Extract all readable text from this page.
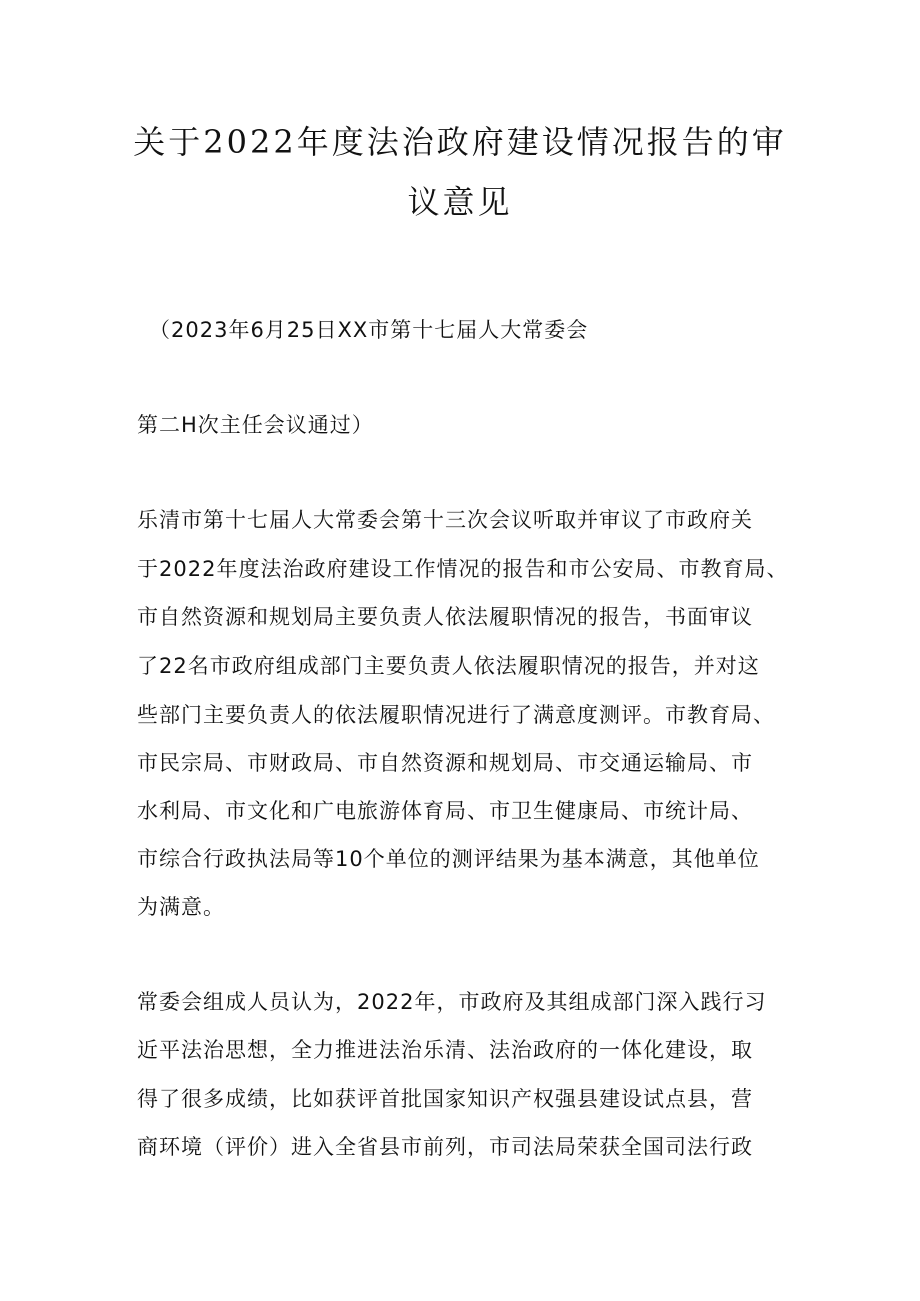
关于2022年度法治政府建设情况报告的审
议意见
（2023年6月25日XX市第十七届人大常委会
第二H次主任会议通过）
乐清市第十七届人大常委会第十三次会议听取并审议了市政府关
于2022年度法治政府建设工作情况的报告和市公安局、市教育局、
市自然资源和规划局主要负责人依法履职情况的报告，书面审议
了22名市政府组成部门主要负责人依法履职情况的报告，并对这
些部门主要负责人的依法履职情况进行了满意度测评。市教育局、
市民宗局、市财政局、市自然资源和规划局、市交通运输局、市
水利局、市文化和广电旅游体育局、市卫生健康局、市统计局、
市综合行政执法局等10个单位的测评结果为基本满意，其他单位
为满意。
常委会组成人员认为，2022年，市政府及其组成部门深入践行习
近平法治思想，全力推进法治乐清、法治政府的一体化建设，取
得了很多成绩，比如获评首批国家知识产权强县建设试点县，营
商环境（评价）进入全省县市前列，市司法局荣获全国司法行政
